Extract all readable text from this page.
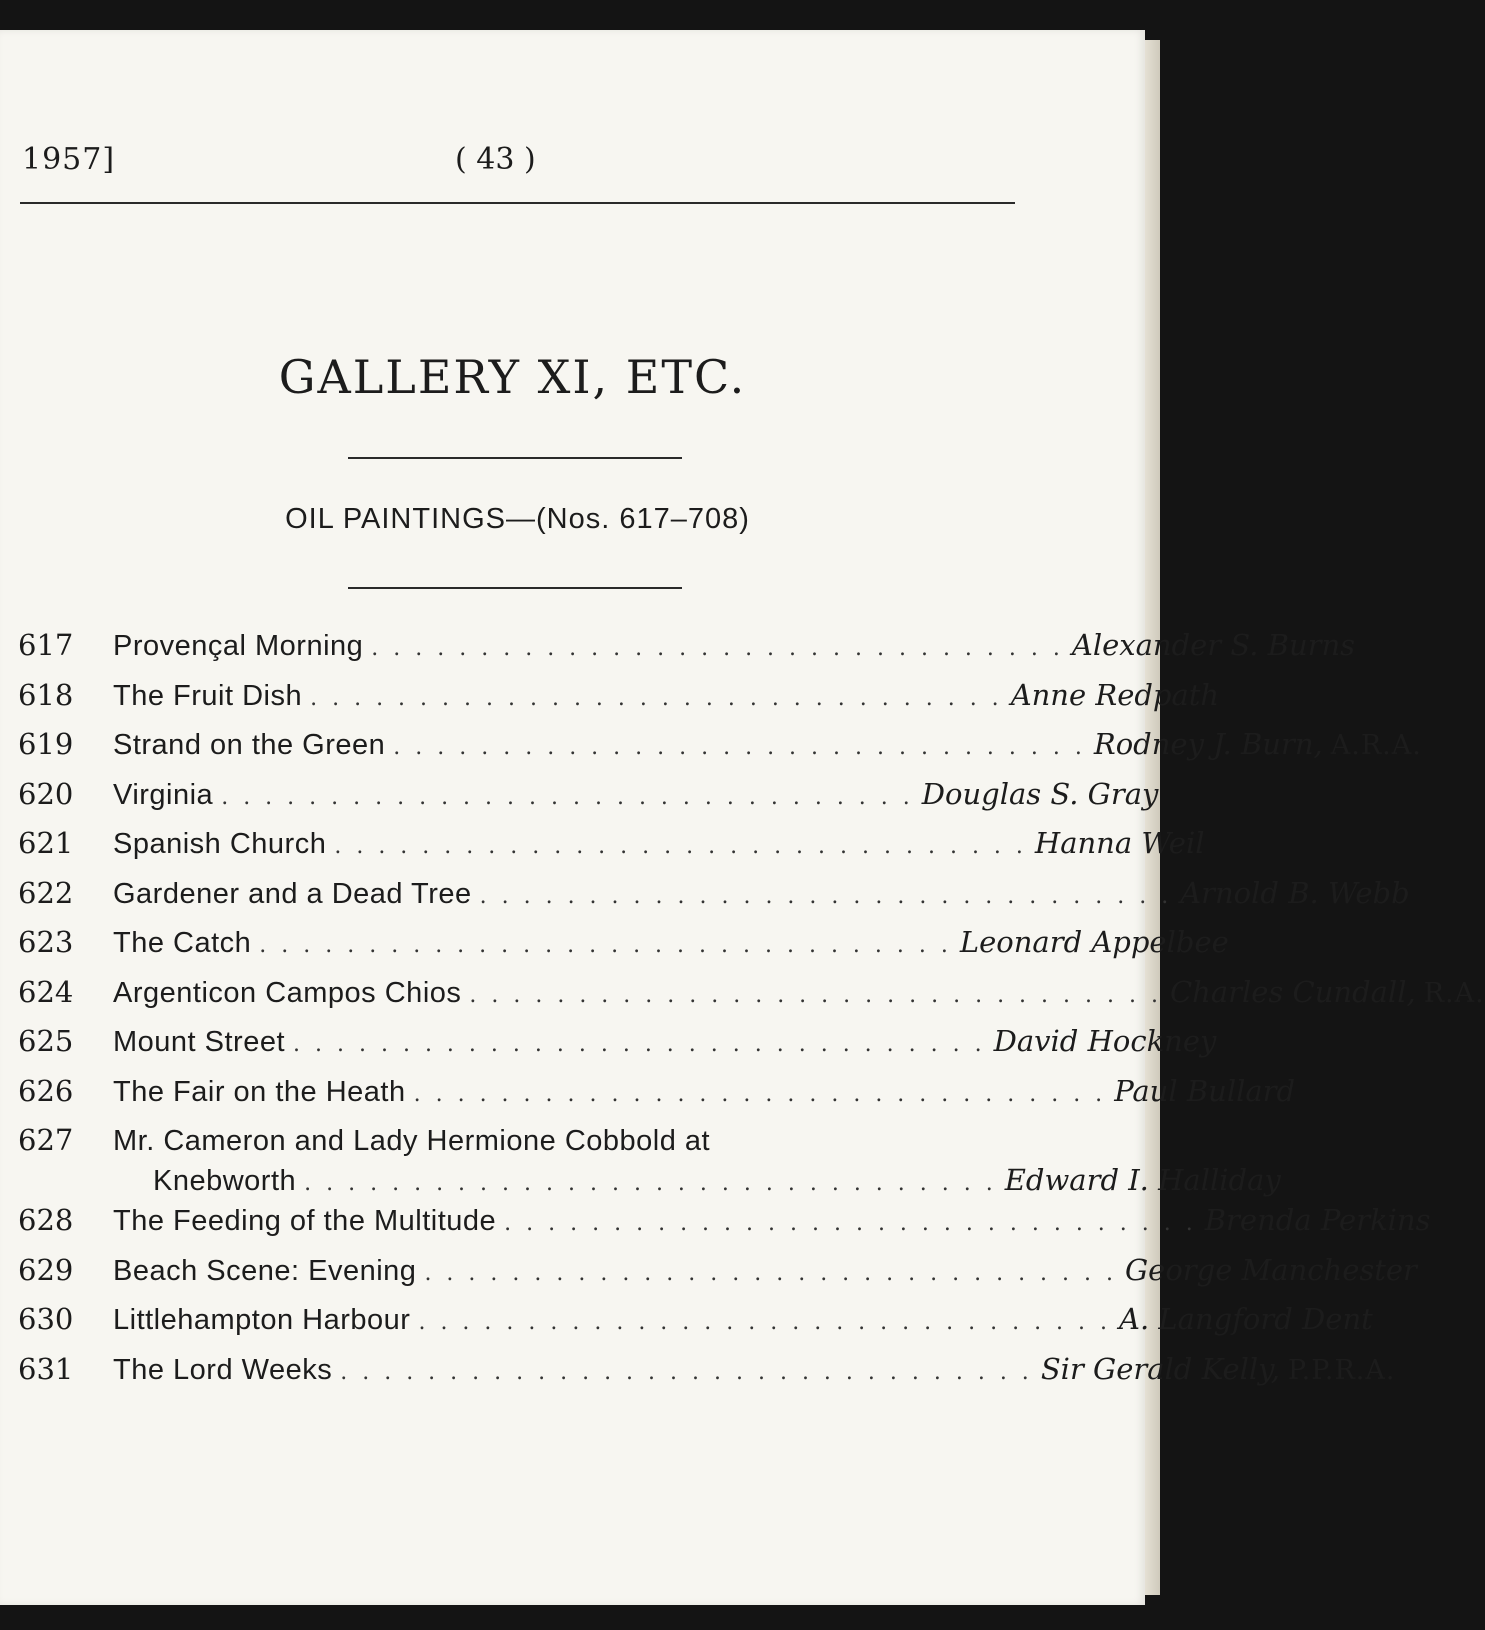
1957]	( 43 )
GALLERY XI, ETC.
OIL PAINTINGS—(Nos. 617–708)
617	Provençal Morning . . . . . . . . . . . . . . . . . . . . . . . . . . . . . . . . Alexander S. Burns
618	The Fruit Dish . . . . . . . . . . . . . . . . . . . . . . . . . . . . . . . . Anne Redpath
619	Strand on the Green . . . . . . . . . . . . . . . . . . . . . . . . . . . . . . . . Rodney J. Burn, A.R.A.
620	Virginia . . . . . . . . . . . . . . . . . . . . . . . . . . . . . . . . Douglas S. Gray
621	Spanish Church . . . . . . . . . . . . . . . . . . . . . . . . . . . . . . . . Hanna Weil
622	Gardener and a Dead Tree . . . . . . . . . . . . . . . . . . . . . . . . . . . . . . . . Arnold B. Webb
623	The Catch . . . . . . . . . . . . . . . . . . . . . . . . . . . . . . . . Leonard Appelbee
624	Argenticon Campos Chios . . . . . . . . . . . . . . . . . . . . . . . . . . . . . . . . Charles Cundall, R.A.
625	Mount Street . . . . . . . . . . . . . . . . . . . . . . . . . . . . . . . . David Hockney
626	The Fair on the Heath . . . . . . . . . . . . . . . . . . . . . . . . . . . . . . . . Paul Bullard
627	Mr. Cameron and Lady Hermione Cobbold at
Knebworth . . . . . . . . . . . . . . . . . . . . . . . . . . . . . . . . Edward I. Halliday
628	The Feeding of the Multitude . . . . . . . . . . . . . . . . . . . . . . . . . . . . . . . . Brenda Perkins
629	Beach Scene: Evening . . . . . . . . . . . . . . . . . . . . . . . . . . . . . . . . George Manchester
630	Littlehampton Harbour . . . . . . . . . . . . . . . . . . . . . . . . . . . . . . . . A. Langford Dent
631	The Lord Weeks . . . . . . . . . . . . . . . . . . . . . . . . . . . . . . . . Sir Gerald Kelly, P.P.R.A.
